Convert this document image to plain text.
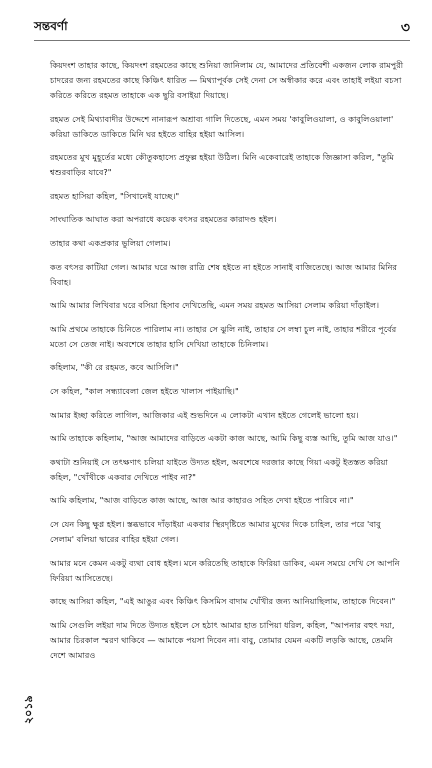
সন্তবর্ণা	৩

কিয়দংশ তাহার কাছে, কিয়দংশ রহমতের কাছে শুনিয়া জানিলাম যে, আমাদের প্রতিবেশী একজন লোক রামপুরী চাদরের জন্য রহমতের কাছে কিঞ্চিৎ ধারিত — মিথ্যাপূর্বক সেই দেনা সে অস্বীকার করে এবং তাহাই লইয়া বচসা করিতে করিতে রহমত তাহাকে এক ছুরি বসাইয়া দিয়াছে।

রহমত সেই মিথ্যাবাদীর উদ্দেশে নানারূপ অশ্রাব্য গালি দিতেছে, এমন সময় 'কাবুলিওয়ালা, ও কাবুলিওয়ালা' করিয়া ডাকিতে ডাকিতে মিনি ঘর হইতে বাহির হইয়া আসিল।

রহমতের মুখ মুহূর্তের মধ্যে কৌতুকহাস্যে প্রফুল্ল হইয়া উঠিল। মিনি একেবারেই তাহাকে জিজ্ঞাসা করিল, "তুমি শ্বশুরবাড়ির যাবে?"

রহমত হাসিয়া কহিল, "সিখানেই যাচ্ছে।"

সাংঘাতিক আঘাত করা অপরাধে কয়েক বৎসর রহমতের কারাদণ্ড হইল।

তাহার কথা একপ্রকার ভুলিয়া গেলাম।

কত বৎসর কাটিয়া গেল। আমার ঘরে আজ রাত্রি শেষ হইতে না হইতে সানাই বাজিতেছে। আজ আমার মিনির বিবাহ।

আমি আমার লিখিবার ঘরে বসিয়া হিসাব দেখিতেছি, এমন সময় রহমত আসিয়া সেলাম করিয়া দাঁড়াইল।

আমি প্রথমে তাহাকে চিনিতে পারিলাম না। তাহার সে ঝুলি নাই, তাহার সে লম্বা চুল নাই, তাহার শরীরে পূর্বের মতো সে তেজ নাই। অবশেষে তাহার হাসি দেখিয়া তাহাকে চিনিলাম।

কহিলাম, "কী রে রহমত, কবে আসিলি।"

সে কহিল, "কাল সন্ধ্যাবেলা জেল হইতে খালাস পাইয়াছি।"

আমার ইচ্ছা করিতে লাগিল, আজিকার এই শুভদিনে এ লোকটা এখান হইতে গেলেই ভালো হয়।

আমি তাহাকে কহিলাম, "আজ আমাদের বাড়িতে একটা কাজ আছে, আমি কিছু ব্যস্ত আছি, তুমি আজ যাও।"

কথাটা শুনিয়াই সে তৎক্ষণাৎ চলিয়া যাইতে উদ্যত হইল, অবশেষে দরজার কাছে গিয়া একটু ইতস্তত করিয়া কহিল, "খোঁখীকে একবার দেখিতে পাইব না?"

আমি কহিলাম, "আজ বাড়িতে কাজ আছে, আজ আর কাহারও সহিত দেখা হইতে পারিবে না।"

সে যেন কিছু ক্ষুণ্ণ হইল। স্তব্ধভাবে দাঁড়াইয়া একবার স্থিরদৃষ্টিতে আমার মুখের দিকে চাহিল, তার পরে 'বাবু সেলাম' বলিয়া দ্বারের বাহির হইয়া গেল।

আমার মনে কেমন একটু ব্যথা বোধ হইল। মনে করিতেছি তাহাকে ফিরিয়া ডাকিব, এমন সময়ে দেখি সে আপনি ফিরিয়া আসিতেছে।

কাছে আসিয়া কহিল, "এই আঙুর এবং কিঞ্চিৎ কিসমিস বাদাম খোঁখীর জন্য আনিয়াছিলাম, তাহাকে দিবেন।"

আমি সেগুলি লইয়া দাম দিতে উদ্যত হইলে সে হঠাৎ আমার হাত চাপিয়া ধরিল, কহিল, "আপনার বহুৎ দয়া, আমার চিরকাল স্মরণ থাকিবে — আমাকে পয়সা দিবেন না। বাবু, তোমার যেমন একটি লড়কি আছে, তেমনি দেশে আমারও

২০১৯
